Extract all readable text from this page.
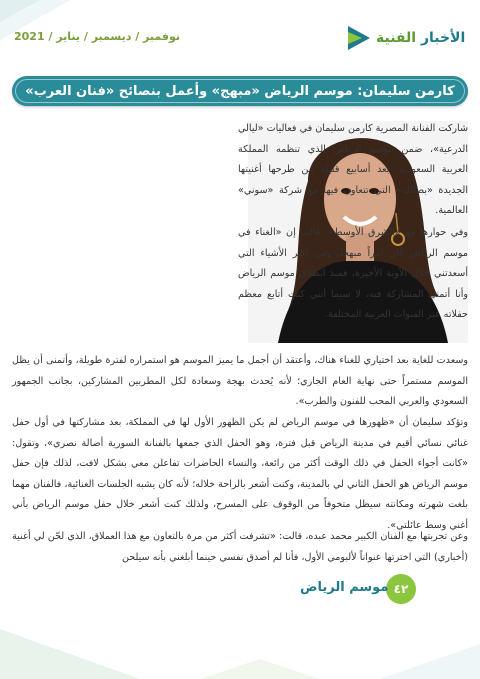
الأخبار الفنية
نوفمبر / ديسمبر / يناير / 2021
كارمن سليمان: موسم الرياض «مبهج» وأعمل بنصائح «فنان العرب»
شاركت الفنانة المصرية كارمن سليمان في فعاليات «ليالي الدرعية»، ضمن موسم الرياض الذي تنظمه المملكة العربية السعودية، بعد أسابيع قليلة من طرحها أغنيتها الجديدة «بصالك» التي تتعاون فيها مع شركة «سوني» العالمية.
وفي حوارها مع «الشرق الأوسط»، قالت إن «الغناء في موسم الرياض كان أمراً مبهجاً، ومن أكثر الأشياء التي أسعدتني خلال الآونة الأخيرة، فمنذ انطلاق موسم الرياض وأنا أتمنى المشاركة فيه، لا سيما أنني كنت أتابع معظم حفلاته عبر القنوات العربية المختلفة.
وسعدت للغاية بعد اختياري للغناء هناك، وأعتقد أن أجمل ما يميز الموسم هو استمراره لفترة طويلة، وأتمنى أن يظل الموسم مستمراً حتى نهاية العام الجاري؛ لأنه يُحدث بهجة وسعادة لكل المطربين المشاركين، بجانب الجمهور السعودي والعربي المحب للفنون والطرب».
وتؤكد سليمان أن «ظهورها في موسم الرياض لم يكن الظهور الأول لها في المملكة، بعد مشاركتها في أول حفل غنائي نسائي أقيم في مدينة الرياض قبل فترة، وهو الحفل الذي جمعها بالفنانة السورية أصالة نصري»، وتقول: «كانت أجواء الحفل في ذلك الوقت أكثر من رائعة، والنساء الحاضرات تفاعلن معي بشكل لافت، لذلك فإن حفل موسم الرياض هو الحفل الثاني لي بالمدينة، وكنت أشعر بالراحة خلاله؛ لأنه كان يشبه الجلسات الغنائية، فالفنان مهما بلغت شهرته ومكانته سيظل متخوفاً من الوقوف على المسرح، ولذلك كنت أشعر خلال حفل موسم الرياض بأني أغني وسط عائلتي».
وعن تجربتها مع الفنان الكبير محمد عبده، قالت: «تشرفت أكثر من مرة بالتعاون مع هذا العملاق، الذي لحّن لي أغنية (أخباري) التي اخترتها عنواناً لألبومي الأول، فأنا لم أصدق نفسي حينما أبلغني بأنه سيلحن
٤٢
موسم الرياض
